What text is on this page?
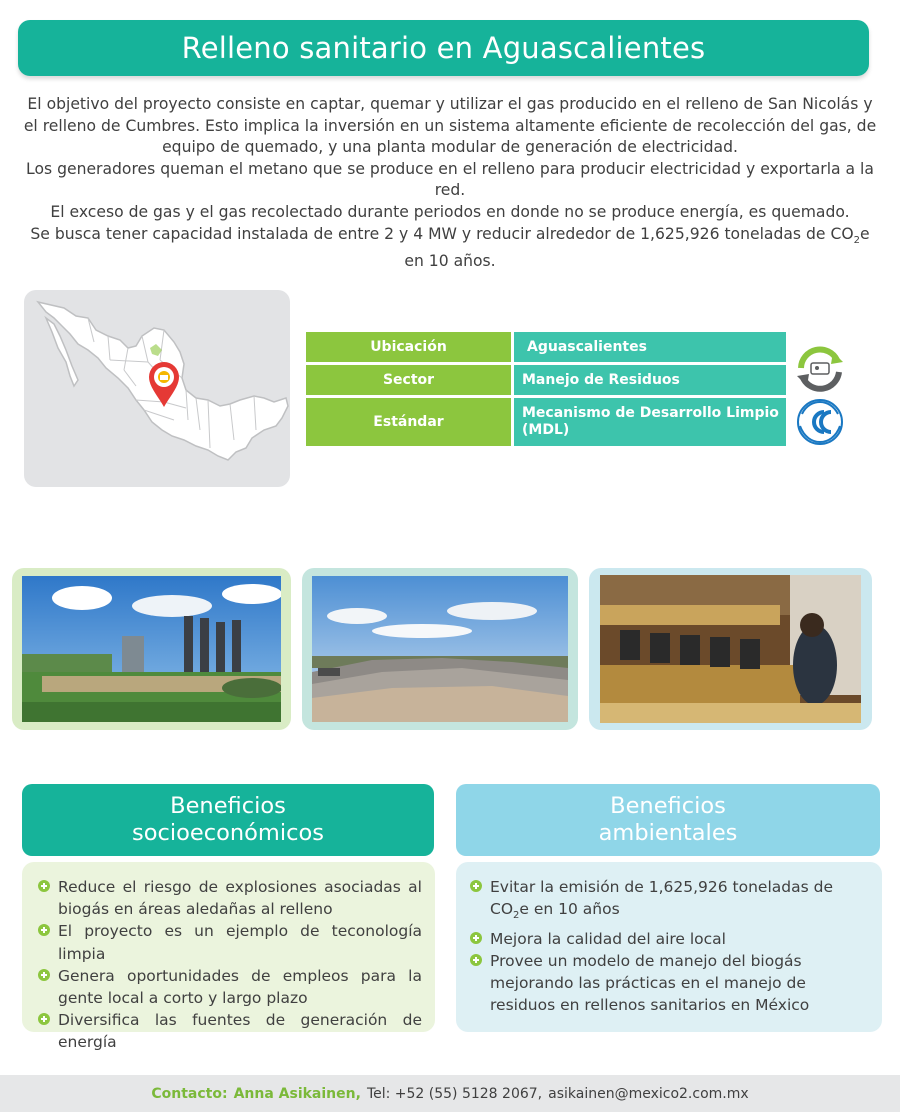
Relleno sanitario en Aguascalientes

El objetivo del proyecto consiste en captar, quemar y utilizar el gas producido en el relleno de San Nicolás y el relleno de Cumbres. Esto implica la inversión en un sistema altamente eficiente de recolección del gas, de equipo de quemado, y una planta modular de generación de electricidad.

Los generadores queman el metano que se produce en el relleno para producir electricidad y exportarla a la red.

El exceso de gas y el gas recolectado durante periodos en donde no se produce energía, es quemado.

Se busca tener capacidad instalada de entre 2 y 4 MW y reducir alrededor de 1,625,926 toneladas de $CO_2e$ en 10 años.

Ubicación	Aguascalientes
Sector	Manejo de Residuos
Estándar
Mecanismo de Desarrollo Limpio (MDL)
Beneficios
socioeconómicos
Beneficios
ambientales
Reduce el riesgo de explosiones asociadas al biogás en áreas aledañas al relleno
El proyecto es un ejemplo de teconología limpia
Genera oportunidades de empleos para la gente local a corto y largo plazo
Diversifica las fuentes de generación de energía
Evitar la emisión de 1,625,926 toneladas de $CO_2e$ en 10 años
Mejora la calidad del aire local
Provee un modelo de manejo del biogás mejorando las prácticas en el manejo de residuos en rellenos sanitarios en México
Contacto: Anna Asikainen, Tel: +52 (55) 5128 2067, asikainen@mexico2.com.mx
